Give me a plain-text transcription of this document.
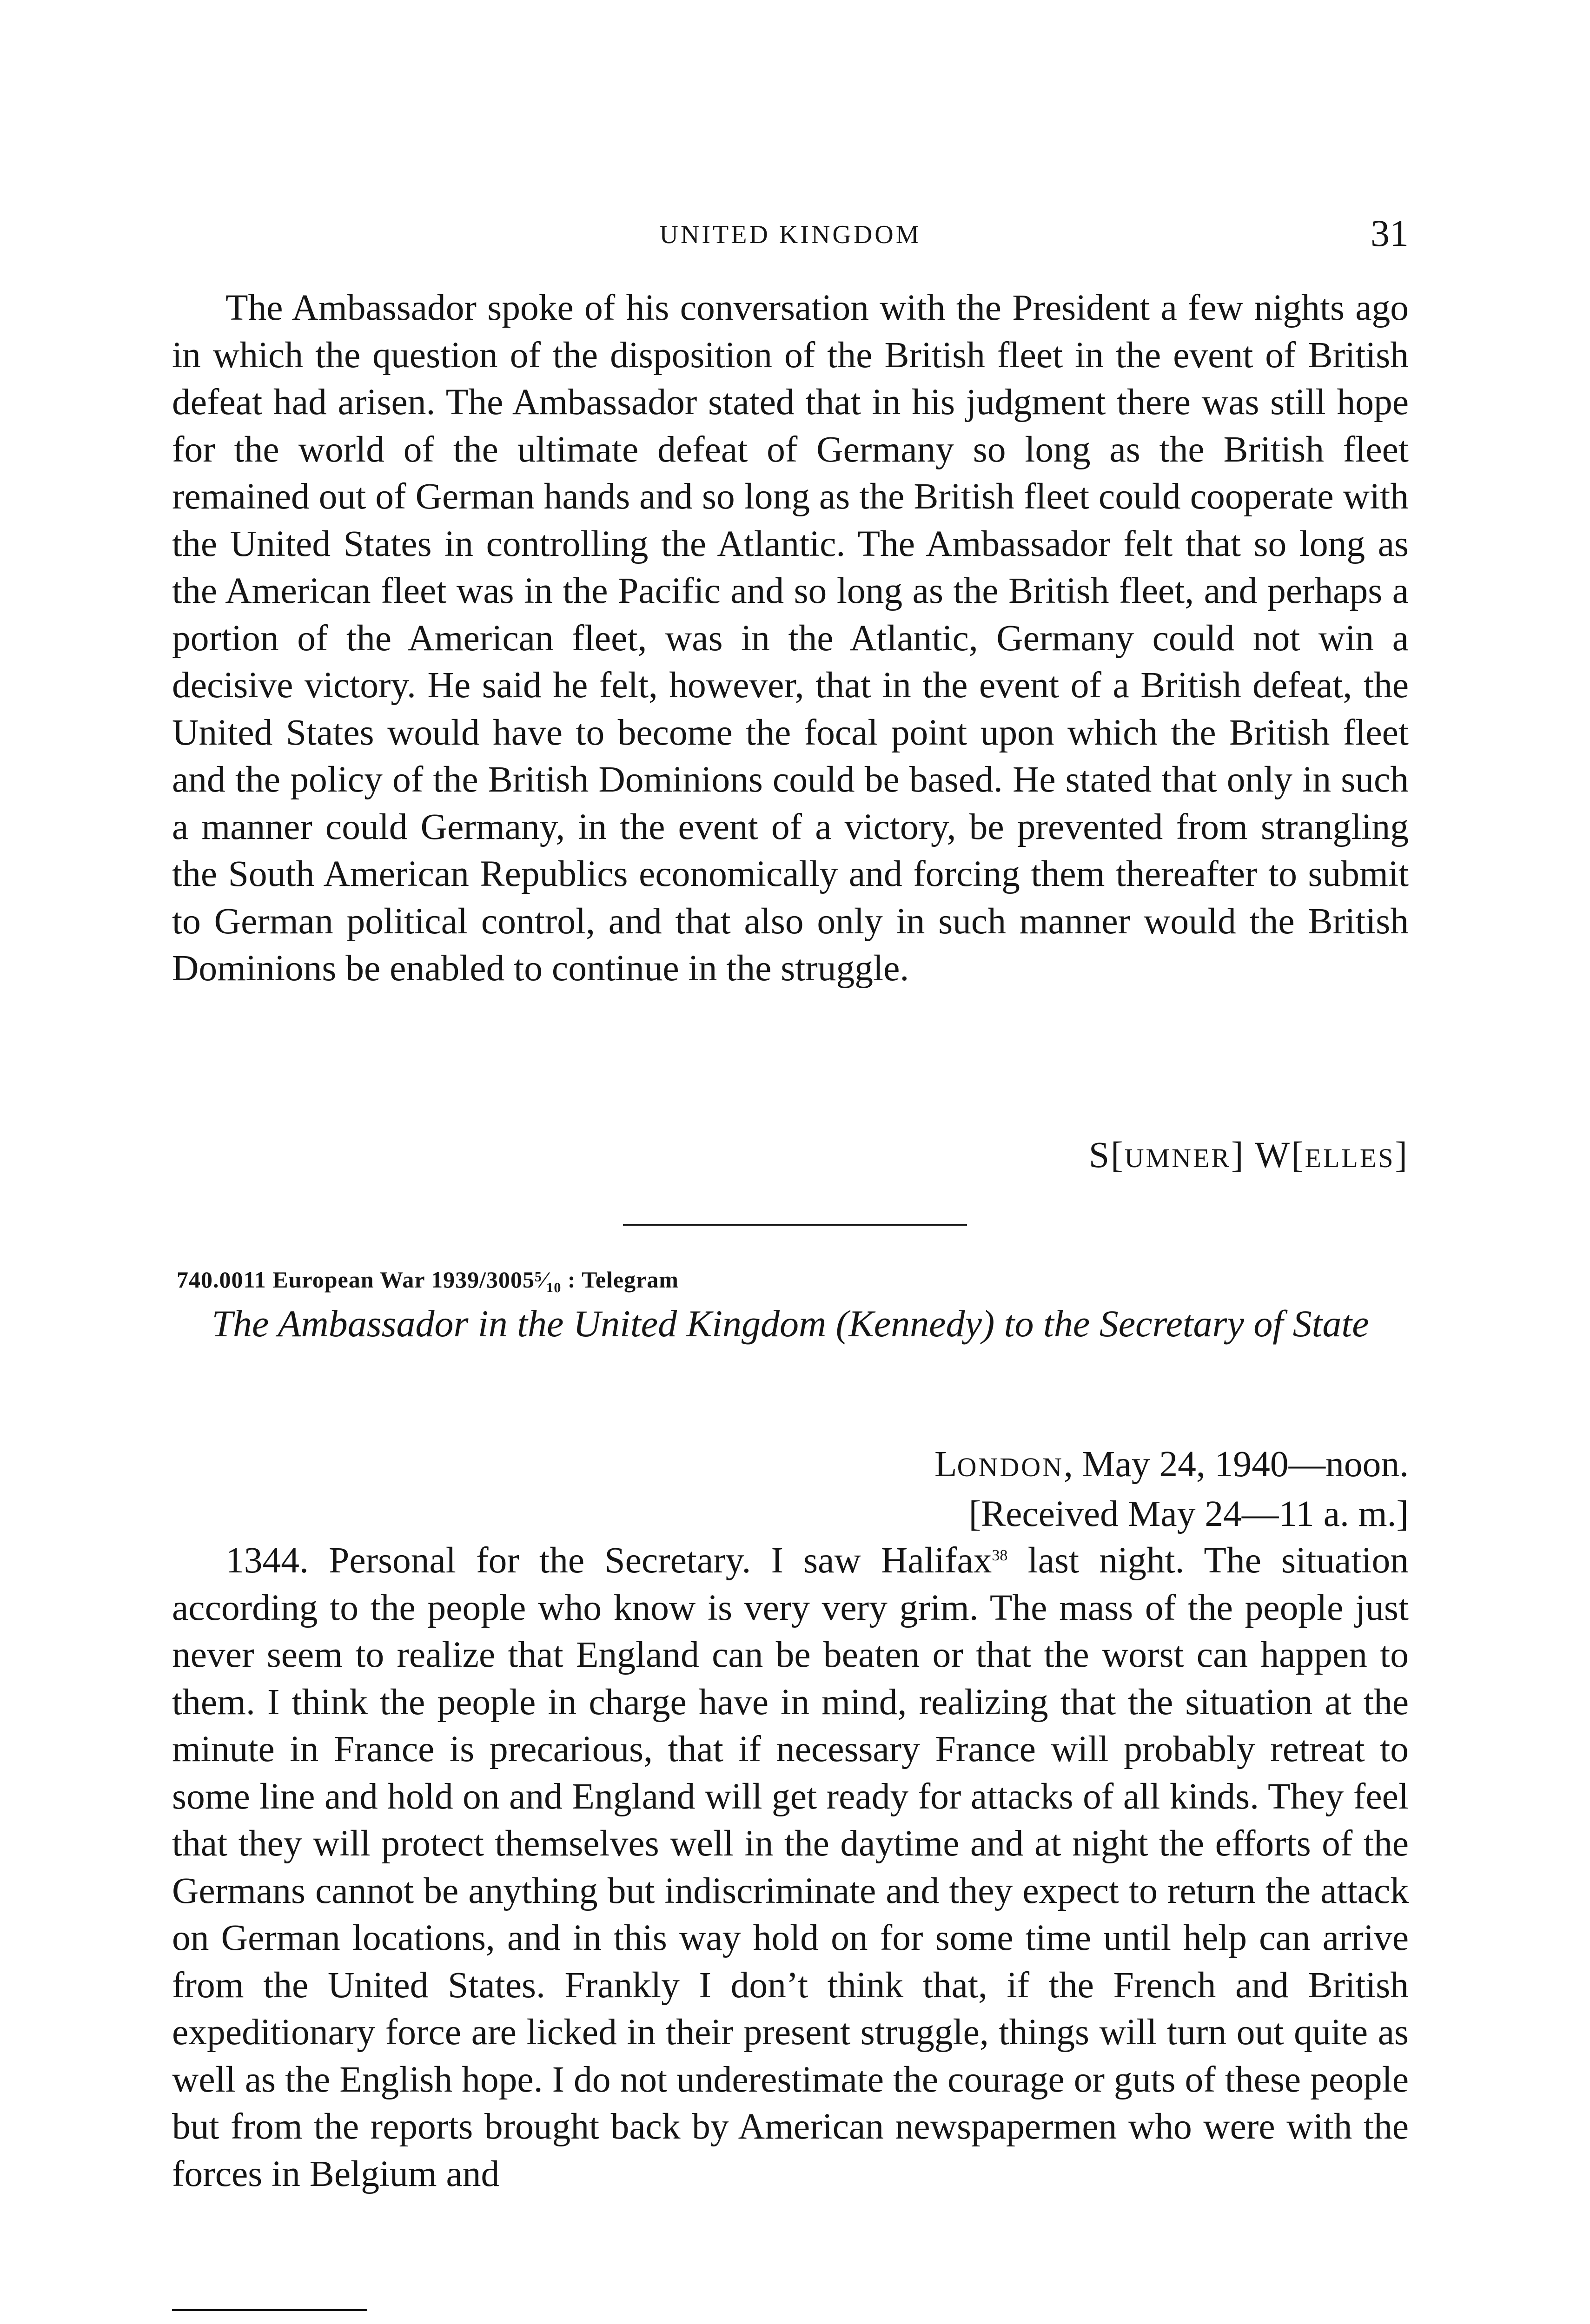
UNITED KINGDOM	31

The Ambassador spoke of his conversation with the President a few nights ago in which the question of the disposition of the British fleet in the event of British defeat had arisen. The Ambassador stated that in his judgment there was still hope for the world of the ultimate defeat of Germany so long as the British fleet remained out of German hands and so long as the British fleet could cooperate with the United States in controlling the Atlantic. The Ambassador felt that so long as the American fleet was in the Pacific and so long as the British fleet, and perhaps a portion of the American fleet, was in the Atlantic, Germany could not win a decisive victory. He said he felt, however, that in the event of a British defeat, the United States would have to become the focal point upon which the British fleet and the policy of the British Dominions could be based. He stated that only in such a manner could Germany, in the event of a victory, be prevented from strangling the South American Republics economically and forcing them thereafter to submit to German political control, and that also only in such manner would the British Dominions be enabled to continue in the struggle.

S[UMNER] W[ELLES]
740.0011 European War 1939/3005⁵⁄₁₀ : Telegram
The Ambassador in the United Kingdom (Kennedy) to the Secretary of State
LONDON, May 24, 1940—noon.
[Received May 24—11 a. m.]

1344. Personal for the Secretary. I saw Halifax$^{38}$ last night. The situation according to the people who know is very very grim. The mass of the people just never seem to realize that England can be beaten or that the worst can happen to them. I think the people in charge have in mind, realizing that the situation at the minute in France is precarious, that if necessary France will probably retreat to some line and hold on and England will get ready for attacks of all kinds. They feel that they will protect themselves well in the daytime and at night the efforts of the Germans cannot be anything but indiscriminate and they expect to return the attack on German locations, and in this way hold on for some time until help can arrive from the United States. Frankly I don’t think that, if the French and British expeditionary force are licked in their present struggle, things will turn out quite as well as the English hope. I do not underestimate the courage or guts of these people but from the reports brought back by American newspapermen who were with the forces in Belgium and
